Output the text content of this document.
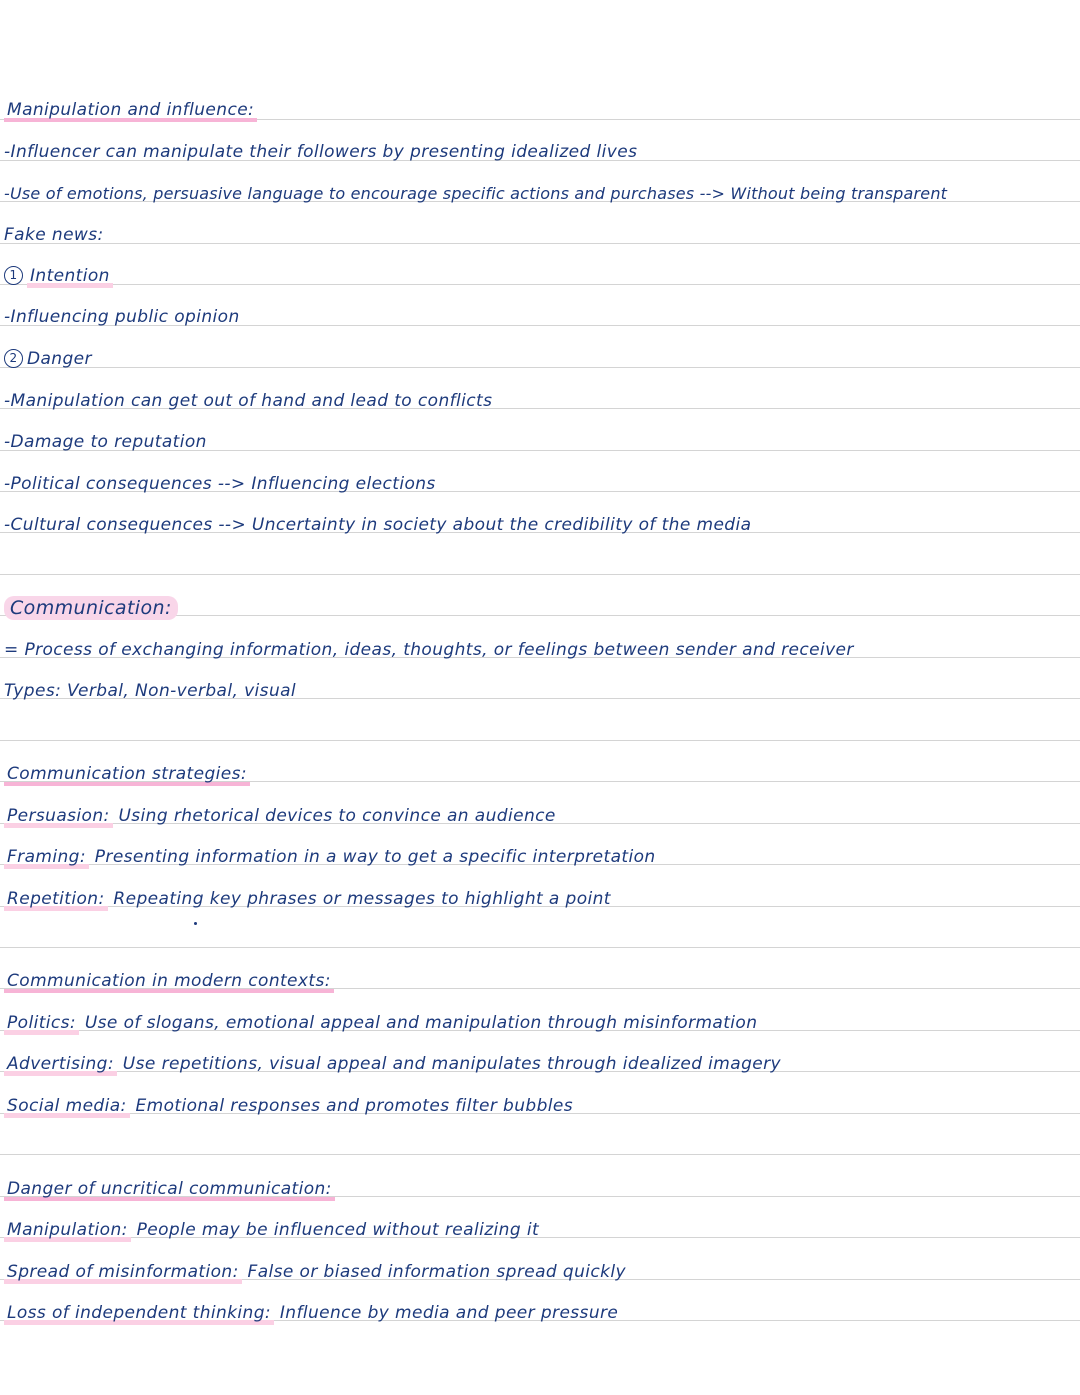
Manipulation and influence:
-Influencer can manipulate their followers by presenting idealized lives
-Use of emotions, persuasive language to encourage specific actions and purchases --> Without being transparent
Fake news:
1 Intention
-Influencing public opinion
2 Danger
-Manipulation can get out of hand and lead to conflicts
-Damage to reputation
-Political consequences --> Influencing elections
-Cultural consequences --> Uncertainty in society about the credibility of the media
Communication:
= Process of exchanging information, ideas, thoughts, or feelings between sender and receiver
Types: Verbal, Non-verbal, visual
Communication strategies:
Persuasion: Using rhetorical devices to convince an audience
Framing: Presenting information in a way to get a specific interpretation
Repetition: Repeating key phrases or messages to highlight a point
Communication in modern contexts:
Politics: Use of slogans, emotional appeal and manipulation through misinformation
Advertising: Use repetitions, visual appeal and manipulates through idealized imagery
Social media: Emotional responses and promotes filter bubbles
Danger of uncritical communication:
Manipulation: People may be influenced without realizing it
Spread of misinformation: False or biased information spread quickly
Loss of independent thinking: Influence by media and peer pressure
